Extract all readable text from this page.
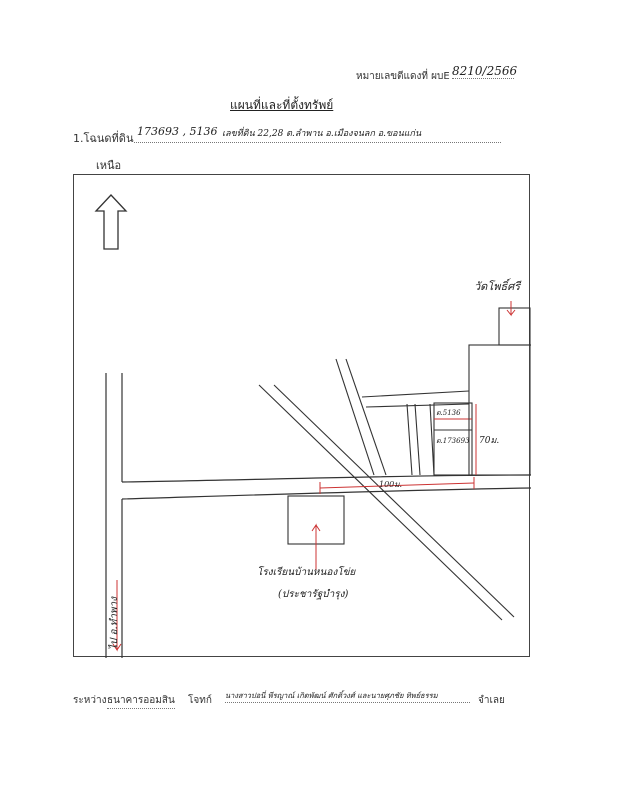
หมายเลขตีแดงที่ ผบE 8210/2566
แผนที่และที่ตั้งทรัพย์
1.โฉนดที่ดิน
173693 , 5136 เลขที่ดิน 22,28 ต.ลำพาน อ.เมืองจนลก อ.ขอนแก่น
เหนือ
วัดโพธิ์ศรี
ต.5136
ต.173693 70ม.
100ม.
โรงเรียนบ้านหนองโข่ย
(ประชารัฐบำรุง)
ไป อ.ทำพาง
ระหว่าง ธนาคารออมสิน โจทก์ นางสาวปอนี่ พีรญาณ์ เกิดพัฒน์ ศักดิ์วงศ์ และนายศุภชัย ทิพย์ธรรม	จำเลย
